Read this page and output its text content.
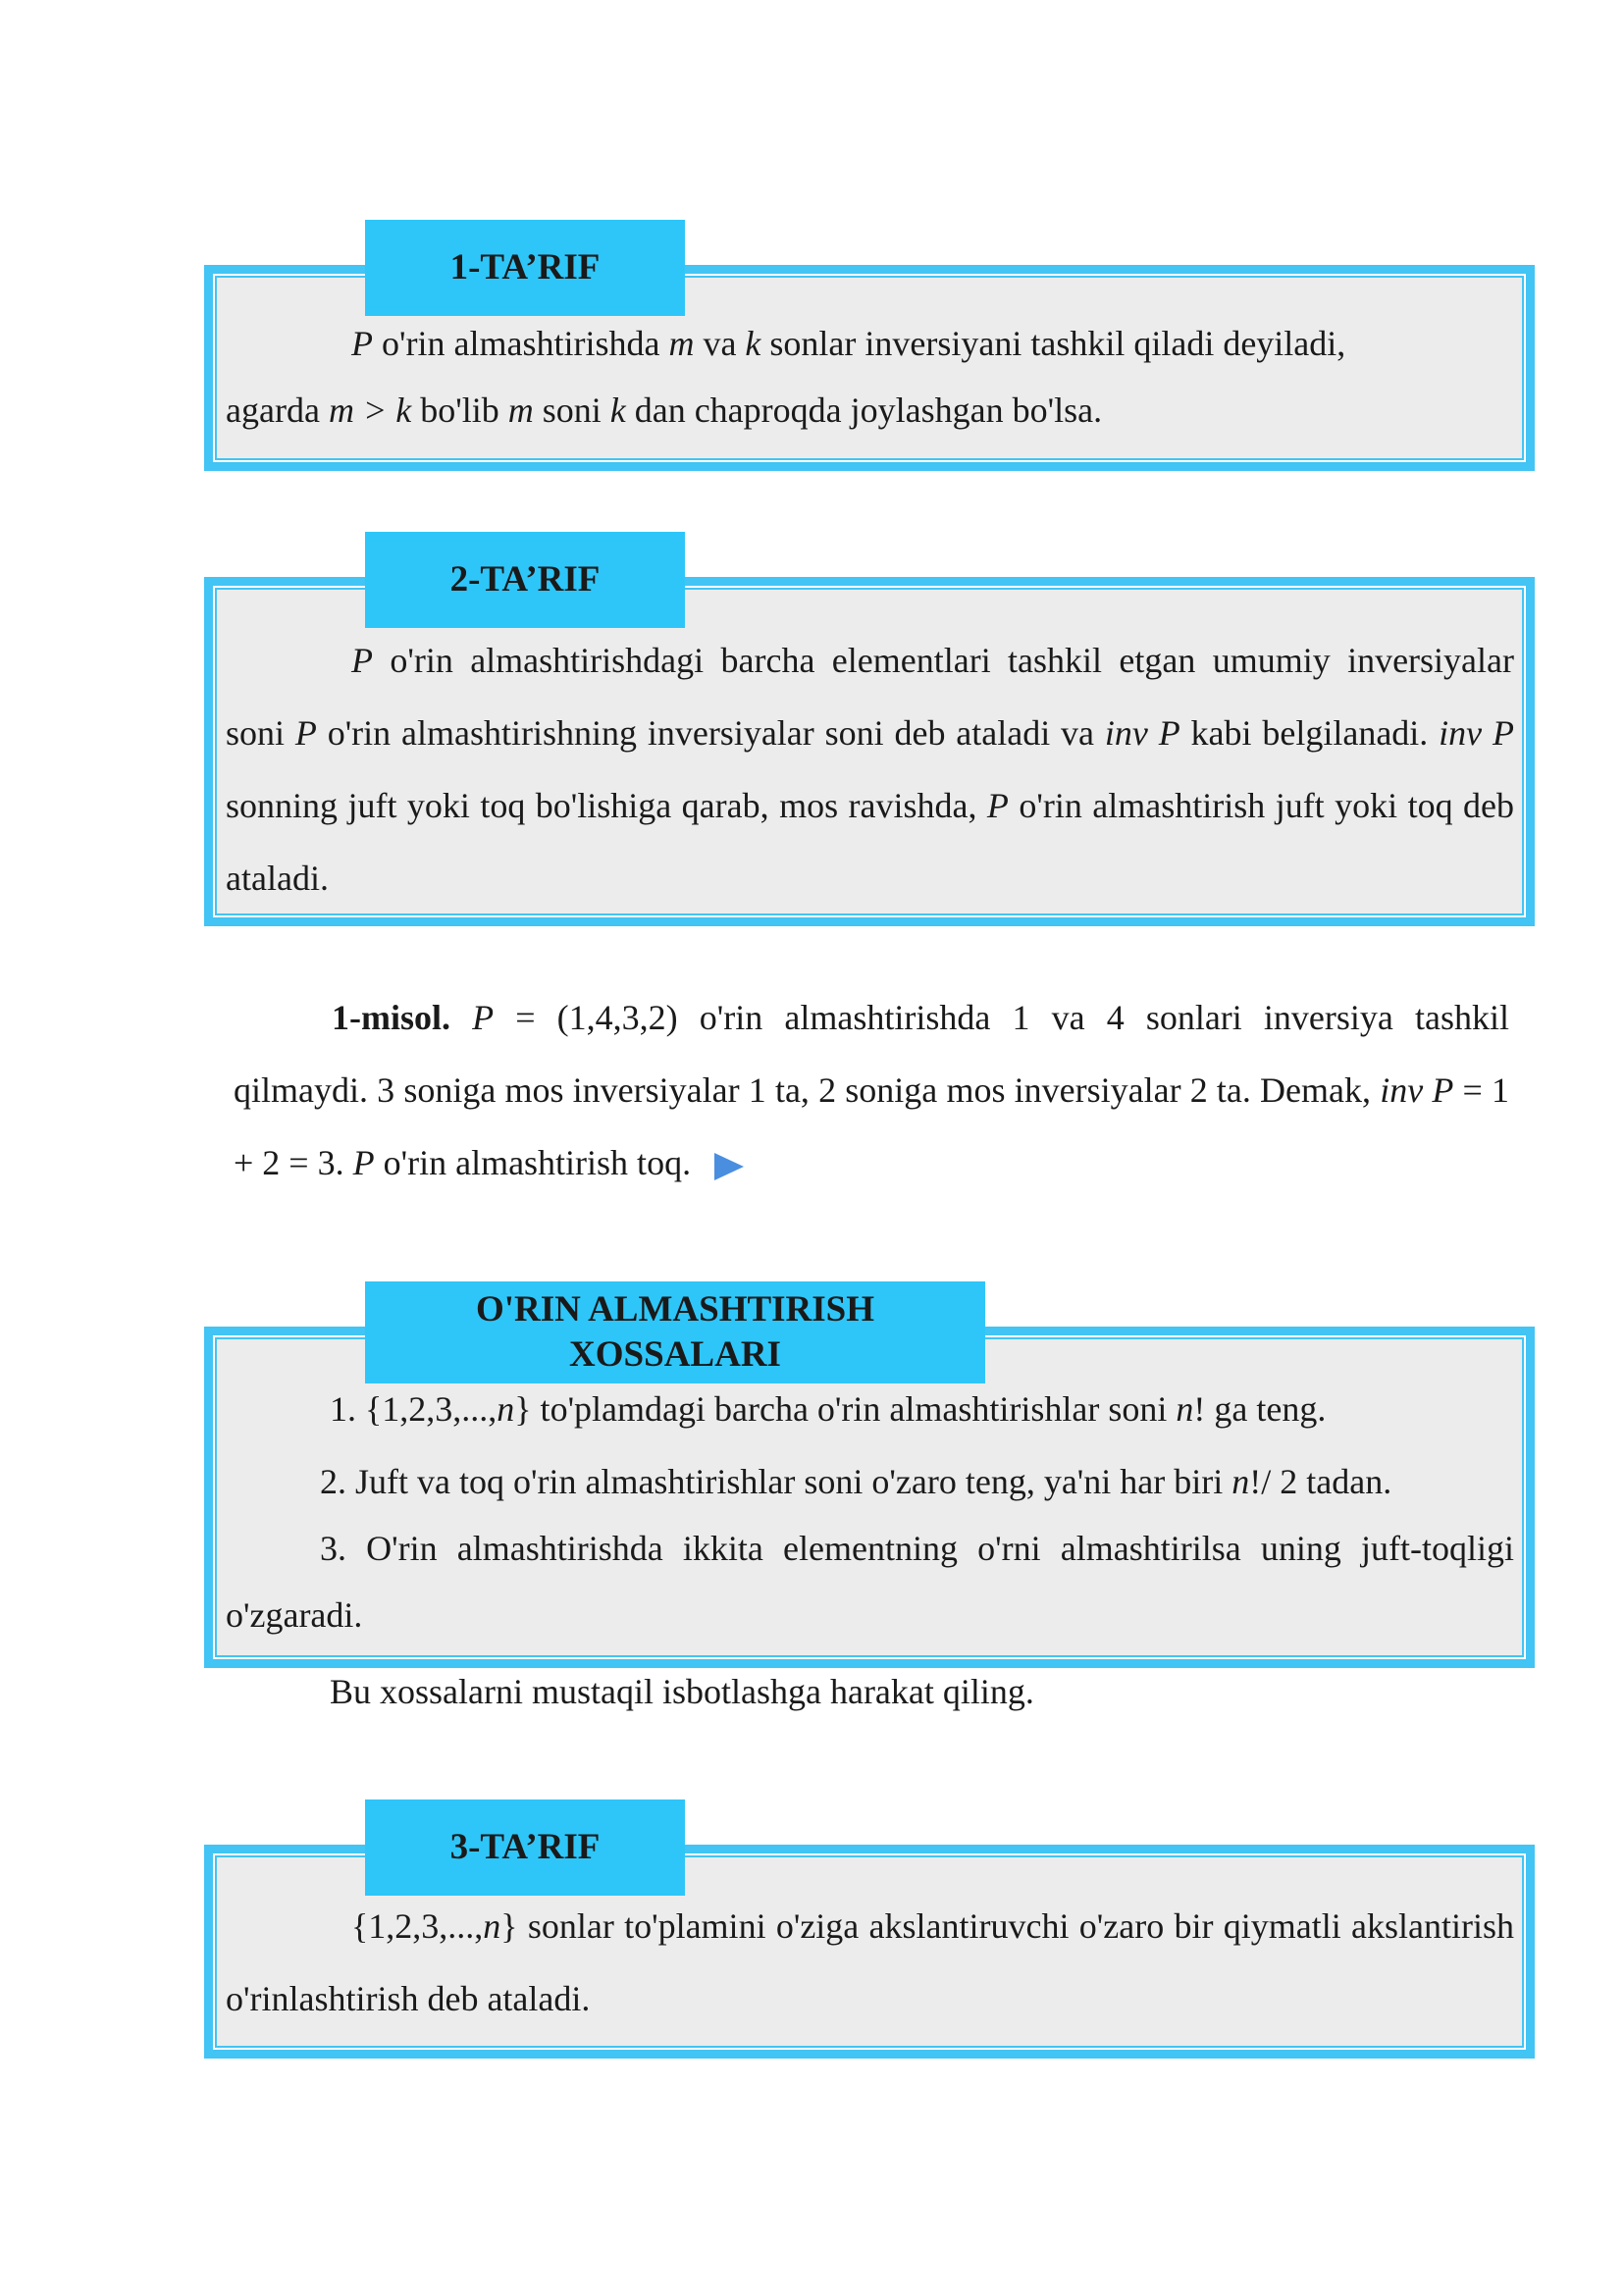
1-TA’RIF
P o'rin almashtirishda m va k sonlar inversiyani tashkil qiladi deyiladi,
agarda m > k bo'lib m soni k dan chaproqda joylashgan bo'lsa.
2-TA’RIF
P o'rin almashtirishdagi barcha elementlari tashkil etgan umumiy inversiyalar soni P o'rin almashtirishning inversiyalar soni deb ataladi va inv P kabi belgilanadi. inv P sonning juft yoki toq bo'lishiga qarab, mos ravishda, P o'rin almashtirish juft yoki toq deb ataladi.
1-misol. P = (1,4,3,2) o'rin almashtirishda 1 va 4 sonlari inversiya tashkil qilmaydi. 3 soniga mos inversiyalar 1 ta, 2 soniga mos inversiyalar 2 ta. Demak, inv P = 1 + 2 = 3. P o'rin almashtirish toq.
O'RIN ALMASHTIRISH
XOSSALARI
1. {1,2,3,...,n} to'plamdagi barcha o'rin almashtirishlar soni n! ga teng.
2. Juft va toq o'rin almashtirishlar soni o'zaro teng, ya'ni har biri n!/ 2 tadan.
3. O'rin almashtirishda ikkita elementning o'rni almashtirilsa uning juft-toqligi o'zgaradi.
Bu xossalarni mustaqil isbotlashga harakat qiling.
3-TA’RIF
{1,2,3,...,n} sonlar to'plamini o'ziga akslantiruvchi o'zaro bir qiymatli akslantirish o'rinlashtirish deb ataladi.
